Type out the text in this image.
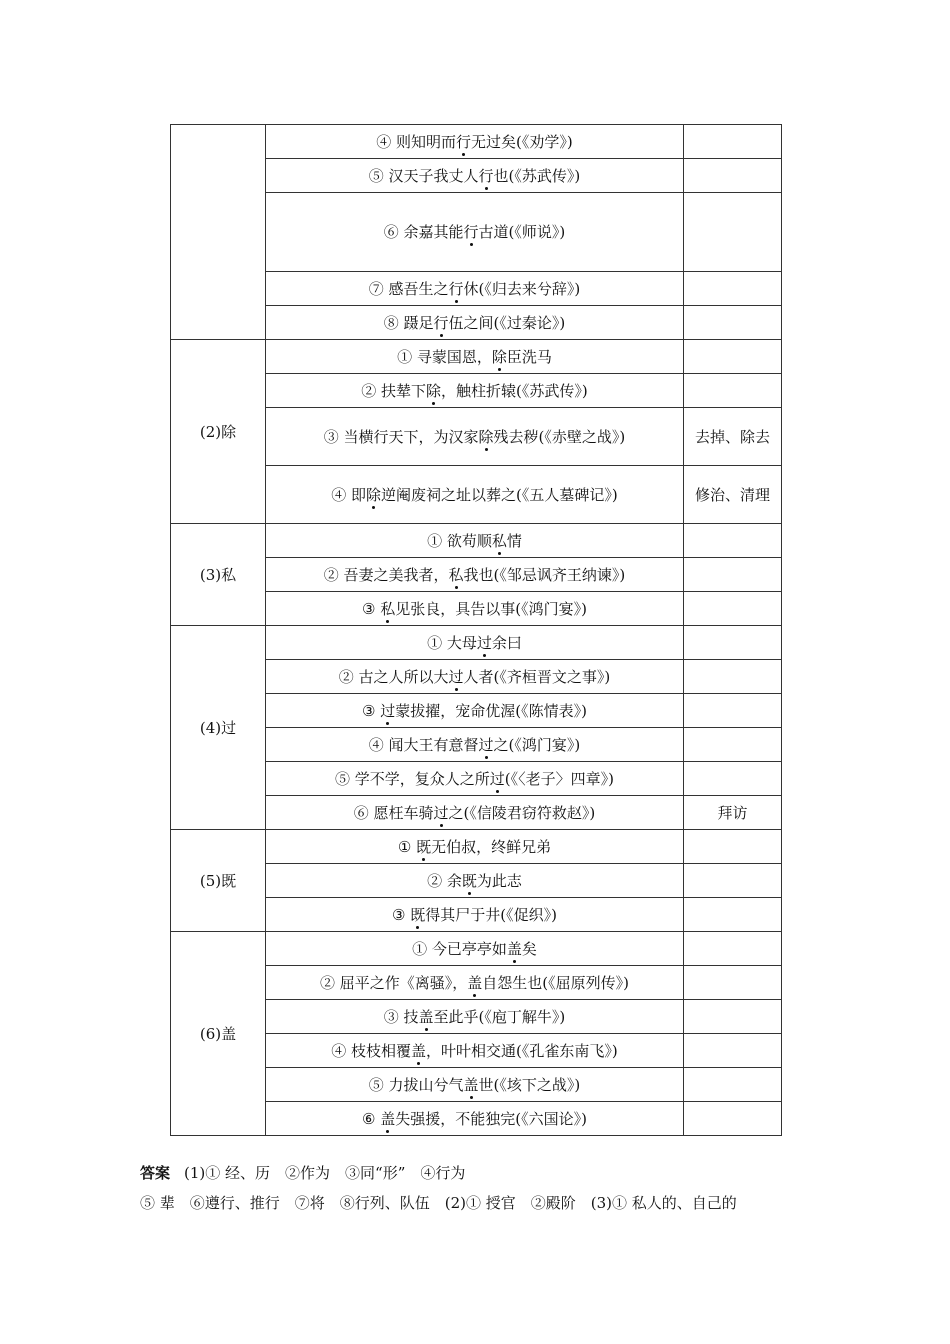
	④ 则知明而行无过矣(《劝学》)	
	⑤ 汉天子我丈人行也(《苏武传》)	
	⑥ 余嘉其能行古道(《师说》)	
	⑦ 感吾生之行休(《归去来兮辞》)	
	⑧ 蹑足行伍之间(《过秦论》)	
(2)除	① 寻蒙国恩，除臣洗马	
	② 扶辇下除，触柱折辕(《苏武传》)	
	③ 当横行天下，为汉家除残去秽(《赤壁之战》)	去掉、除去
	④ 即除逆阉废祠之址以葬之(《五人墓碑记》)	修治、清理
(3)私	① 欲苟顺私情	
	② 吾妻之美我者，私我也(《邹忌讽齐王纳谏》)	
	③ 私见张良，具告以事(《鸿门宴》)	
(4)过	① 大母过余曰	
	② 古之人所以大过人者(《齐桓晋文之事》)	
	③ 过蒙拔擢，宠命优渥(《陈情表》)	
	④ 闻大王有意督过之(《鸿门宴》)	
	⑤ 学不学，复众人之所过(《〈老子〉四章》)	
	⑥ 愿枉车骑过之(《信陵君窃符救赵》)	拜访
(5)既	① 既无伯叔，终鲜兄弟	
	② 余既为此志	
	③ 既得其尸于井(《促织》)	
(6)盖	① 今已亭亭如盖矣	
	② 屈平之作《离骚》，盖自怨生也(《屈原列传》)	
	③ 技盖至此乎(《庖丁解牛》)	
	④ 枝枝相覆盖，叶叶相交通(《孔雀东南飞》)	
	⑤ 力拔山兮气盖世(《垓下之战》)	
	⑥ 盖失强援，不能独完(《六国论》)	
答案 (1)① 经、历　②作为　③同“形”　④行为
⑤ 辈　⑥遵行、推行　⑦将　⑧行列、队伍　(2)① 授官　②殿阶　(3)① 私人的、自己的
